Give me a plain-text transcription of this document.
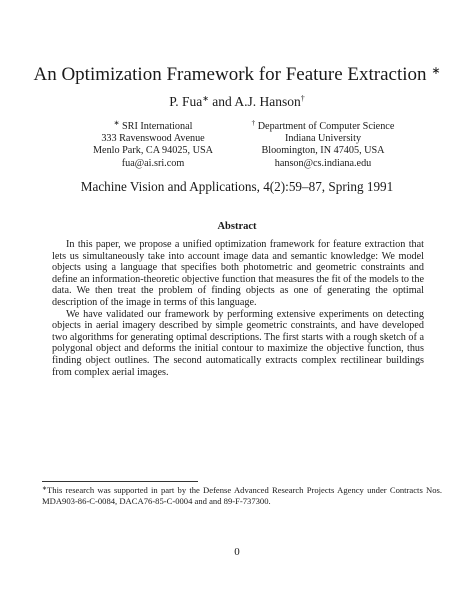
An Optimization Framework for Feature Extraction ∗
P. Fua∗ and A.J. Hanson†
∗ SRI International
333 Ravenswood Avenue
Menlo Park, CA 94025, USA
fua@ai.sri.com
† Department of Computer Science
Indiana University
Bloomington, IN 47405, USA
hanson@cs.indiana.edu
Machine Vision and Applications, 4(2):59–87, Spring 1991
Abstract

In this paper, we propose a unified optimization framework for feature extraction that lets us simultaneously take into account image data and semantic knowledge: We model objects using a language that specifies both photometric and geometric constraints and define an information-theoretic objective function that measures the fit of the models to the data. We then treat the problem of finding objects as one of generating the optimal description of the image in terms of this language.

We have validated our framework by performing extensive experiments on detecting objects in aerial imagery described by simple geometric constraints, and have developed two algorithms for generating optimal descriptions. The first starts with a rough sketch of a polygonal object and deforms the initial contour to maximize the objective function, thus finding object outlines. The second automatically extracts complex rectilinear buildings from complex aerial images.

∗This research was supported in part by the Defense Advanced Research Projects Agency under Contracts Nos. MDA903-86-C-0084, DACA76-85-C-0004 and and 89-F-737300.
0
